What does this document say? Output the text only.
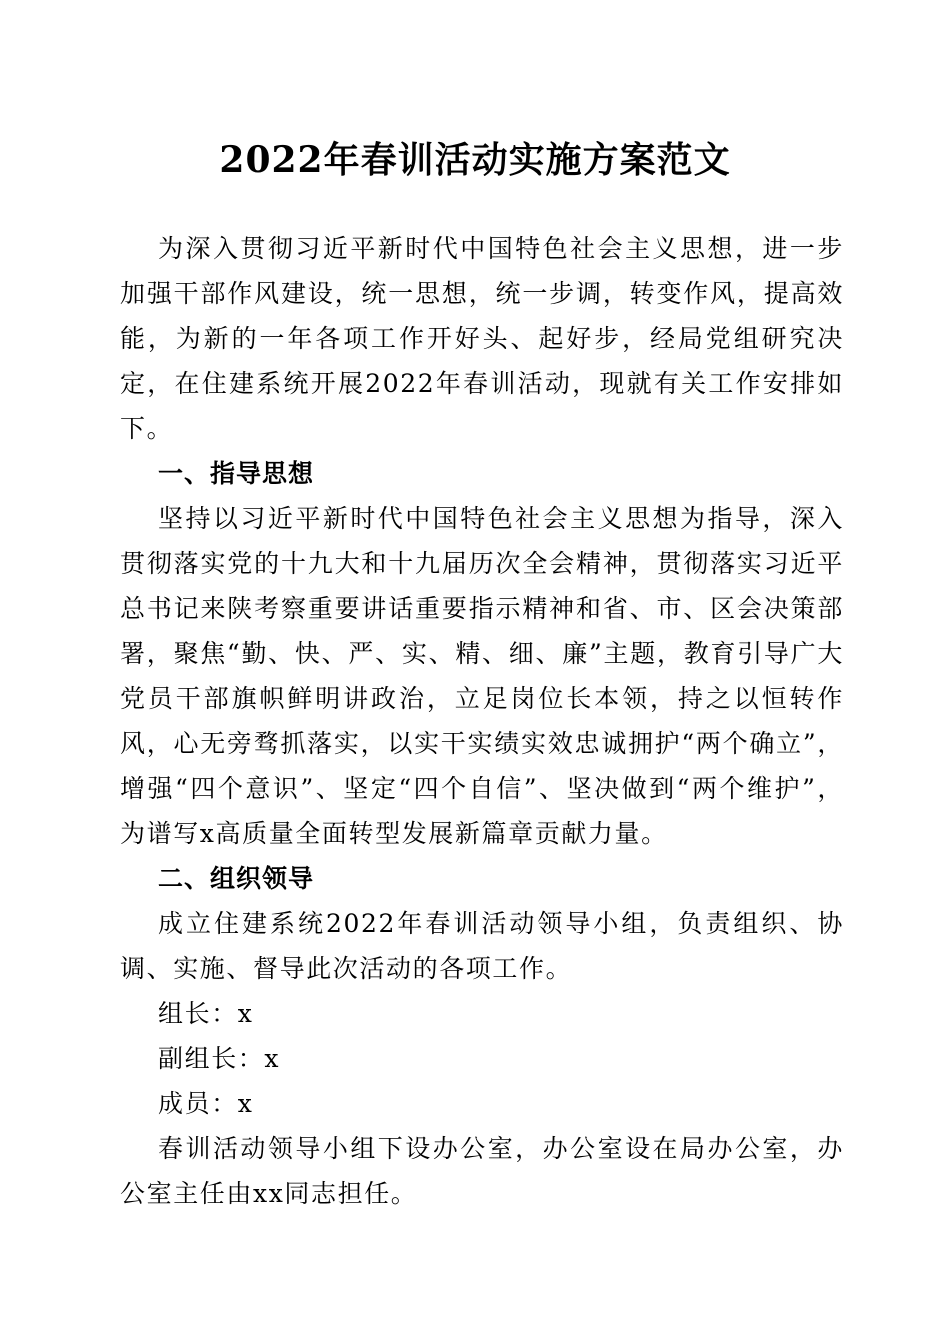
2022年春训活动实施方案范文

为深入贯彻习近平新时代中国特色社会主义思想，进一步加强干部作风建设，统一思想，统一步调，转变作风，提高效能，为新的一年各项工作开好头、起好步，经局党组研究决定，在住建系统开展2022年春训活动，现就有关工作安排如下。

一、指导思想

坚持以习近平新时代中国特色社会主义思想为指导，深入贯彻落实党的十九大和十九届历次全会精神，贯彻落实习近平总书记来陕考察重要讲话重要指示精神和省、市、区会决策部署，聚焦“勤、快、严、实、精、细、廉”主题，教育引导广大党员干部旗帜鲜明讲政治，立足岗位长本领，持之以恒转作风，心无旁骛抓落实，以实干实绩实效忠诚拥护“两个确立”，增强“四个意识”、坚定“四个自信”、坚决做到“两个维护”，为谱写x高质量全面转型发展新篇章贡献力量。

二、组织领导

成立住建系统2022年春训活动领导小组，负责组织、协调、实施、督导此次活动的各项工作。

组长：x

副组长：x

成员：x

春训活动领导小组下设办公室，办公室设在局办公室，办公室主任由xx同志担任。
